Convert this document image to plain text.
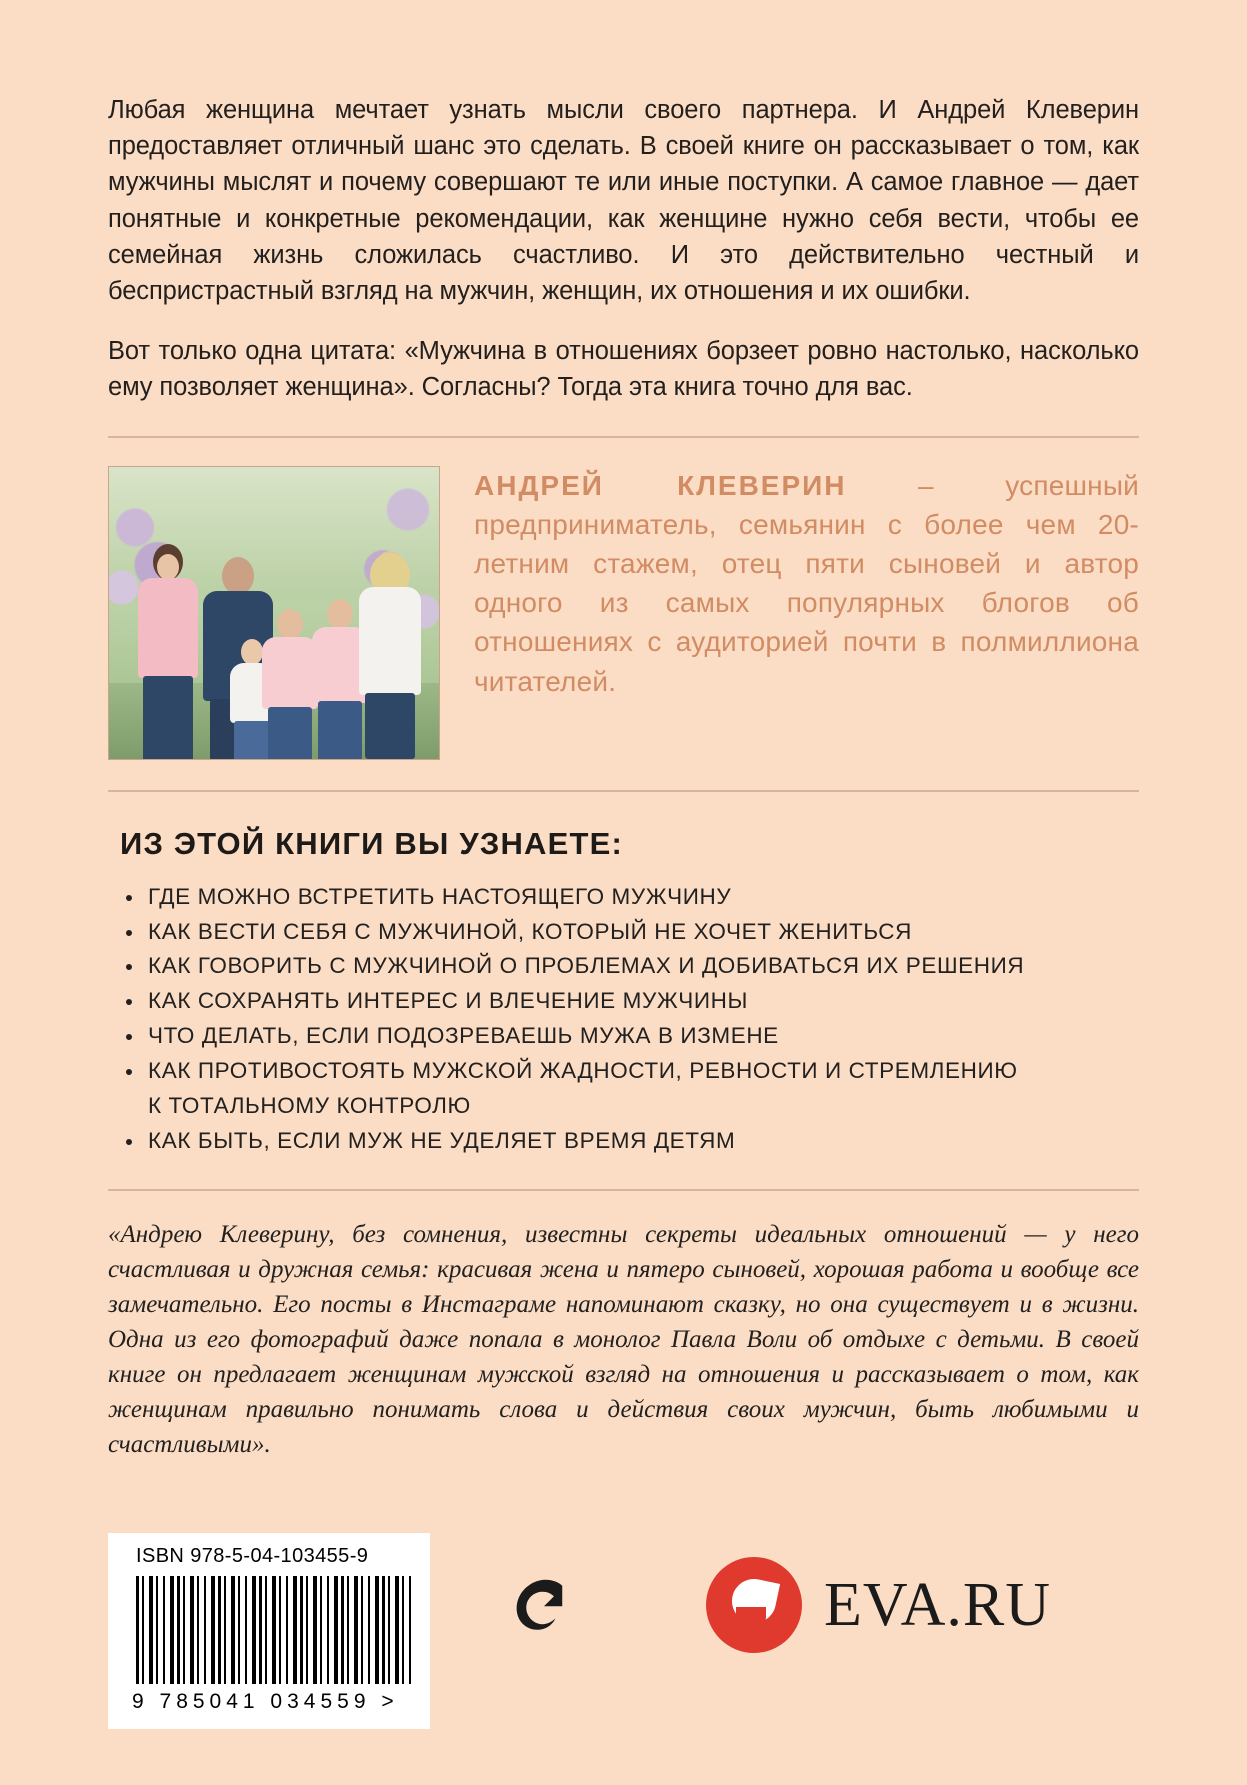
Любая женщина мечтает узнать мысли своего партнера. И Андрей Клеверин предоставляет отличный шанс это сделать. В своей книге он рассказывает о том, как мужчины мыслят и почему совершают те или иные поступки. А самое главное — дает понятные и конкретные рекомендации, как женщине нужно себя вести, чтобы ее семейная жизнь сложилась счастливо. И это действительно честный и беспристрастный взгляд на мужчин, женщин, их отношения и их ошибки.

Вот только одна цитата: «Мужчина в отношениях борзеет ровно настолько, насколько ему позволяет женщина». Согласны? Тогда эта книга точно для вас.

АНДРЕЙ КЛЕВЕРИН – успешный предприниматель, семьянин с более чем 20-летним стажем, отец пяти сыновей и автор одного из самых популярных блогов об отношениях с аудиторией почти в полмиллиона читателей.
ИЗ ЭТОЙ КНИГИ ВЫ УЗНАЕТЕ:
ГДЕ МОЖНО ВСТРЕТИТЬ НАСТОЯЩЕГО МУЖЧИНУ
КАК ВЕСТИ СЕБЯ С МУЖЧИНОЙ, КОТОРЫЙ НЕ ХОЧЕТ ЖЕНИТЬСЯ
КАК ГОВОРИТЬ С МУЖЧИНОЙ О ПРОБЛЕМАХ И ДОБИВАТЬСЯ ИХ РЕШЕНИЯ
КАК СОХРАНЯТЬ ИНТЕРЕС И ВЛЕЧЕНИЕ МУЖЧИНЫ
ЧТО ДЕЛАТЬ, ЕСЛИ ПОДОЗРЕВАЕШЬ МУЖА В ИЗМЕНЕ
КАК ПРОТИВОСТОЯТЬ МУЖСКОЙ ЖАДНОСТИ, РЕВНОСТИ И СТРЕМЛЕНИЮ
К ТОТАЛЬНОМУ КОНТРОЛЮ
КАК БЫТЬ, ЕСЛИ МУЖ НЕ УДЕЛЯЕТ ВРЕМЯ ДЕТЯМ
«Андрею Клеверину, без сомнения, известны секреты идеальных отношений — у него счастливая и дружная семья: красивая жена и пятеро сыновей, хорошая работа и вообще все замечательно. Его посты в Инстаграме напоминают сказку, но она существует и в жизни. Одна из его фотографий даже попала в монолог Павла Воли об отдыхе с детьми. В своей книге он предлагает женщинам мужской взгляд на отношения и рассказывает о том, как женщинам правильно понимать слова и действия своих мужчин, быть любимыми и счастливыми».
ISBN 978-5-04-103455-9
9 785041 034559 >
EVA.RU
